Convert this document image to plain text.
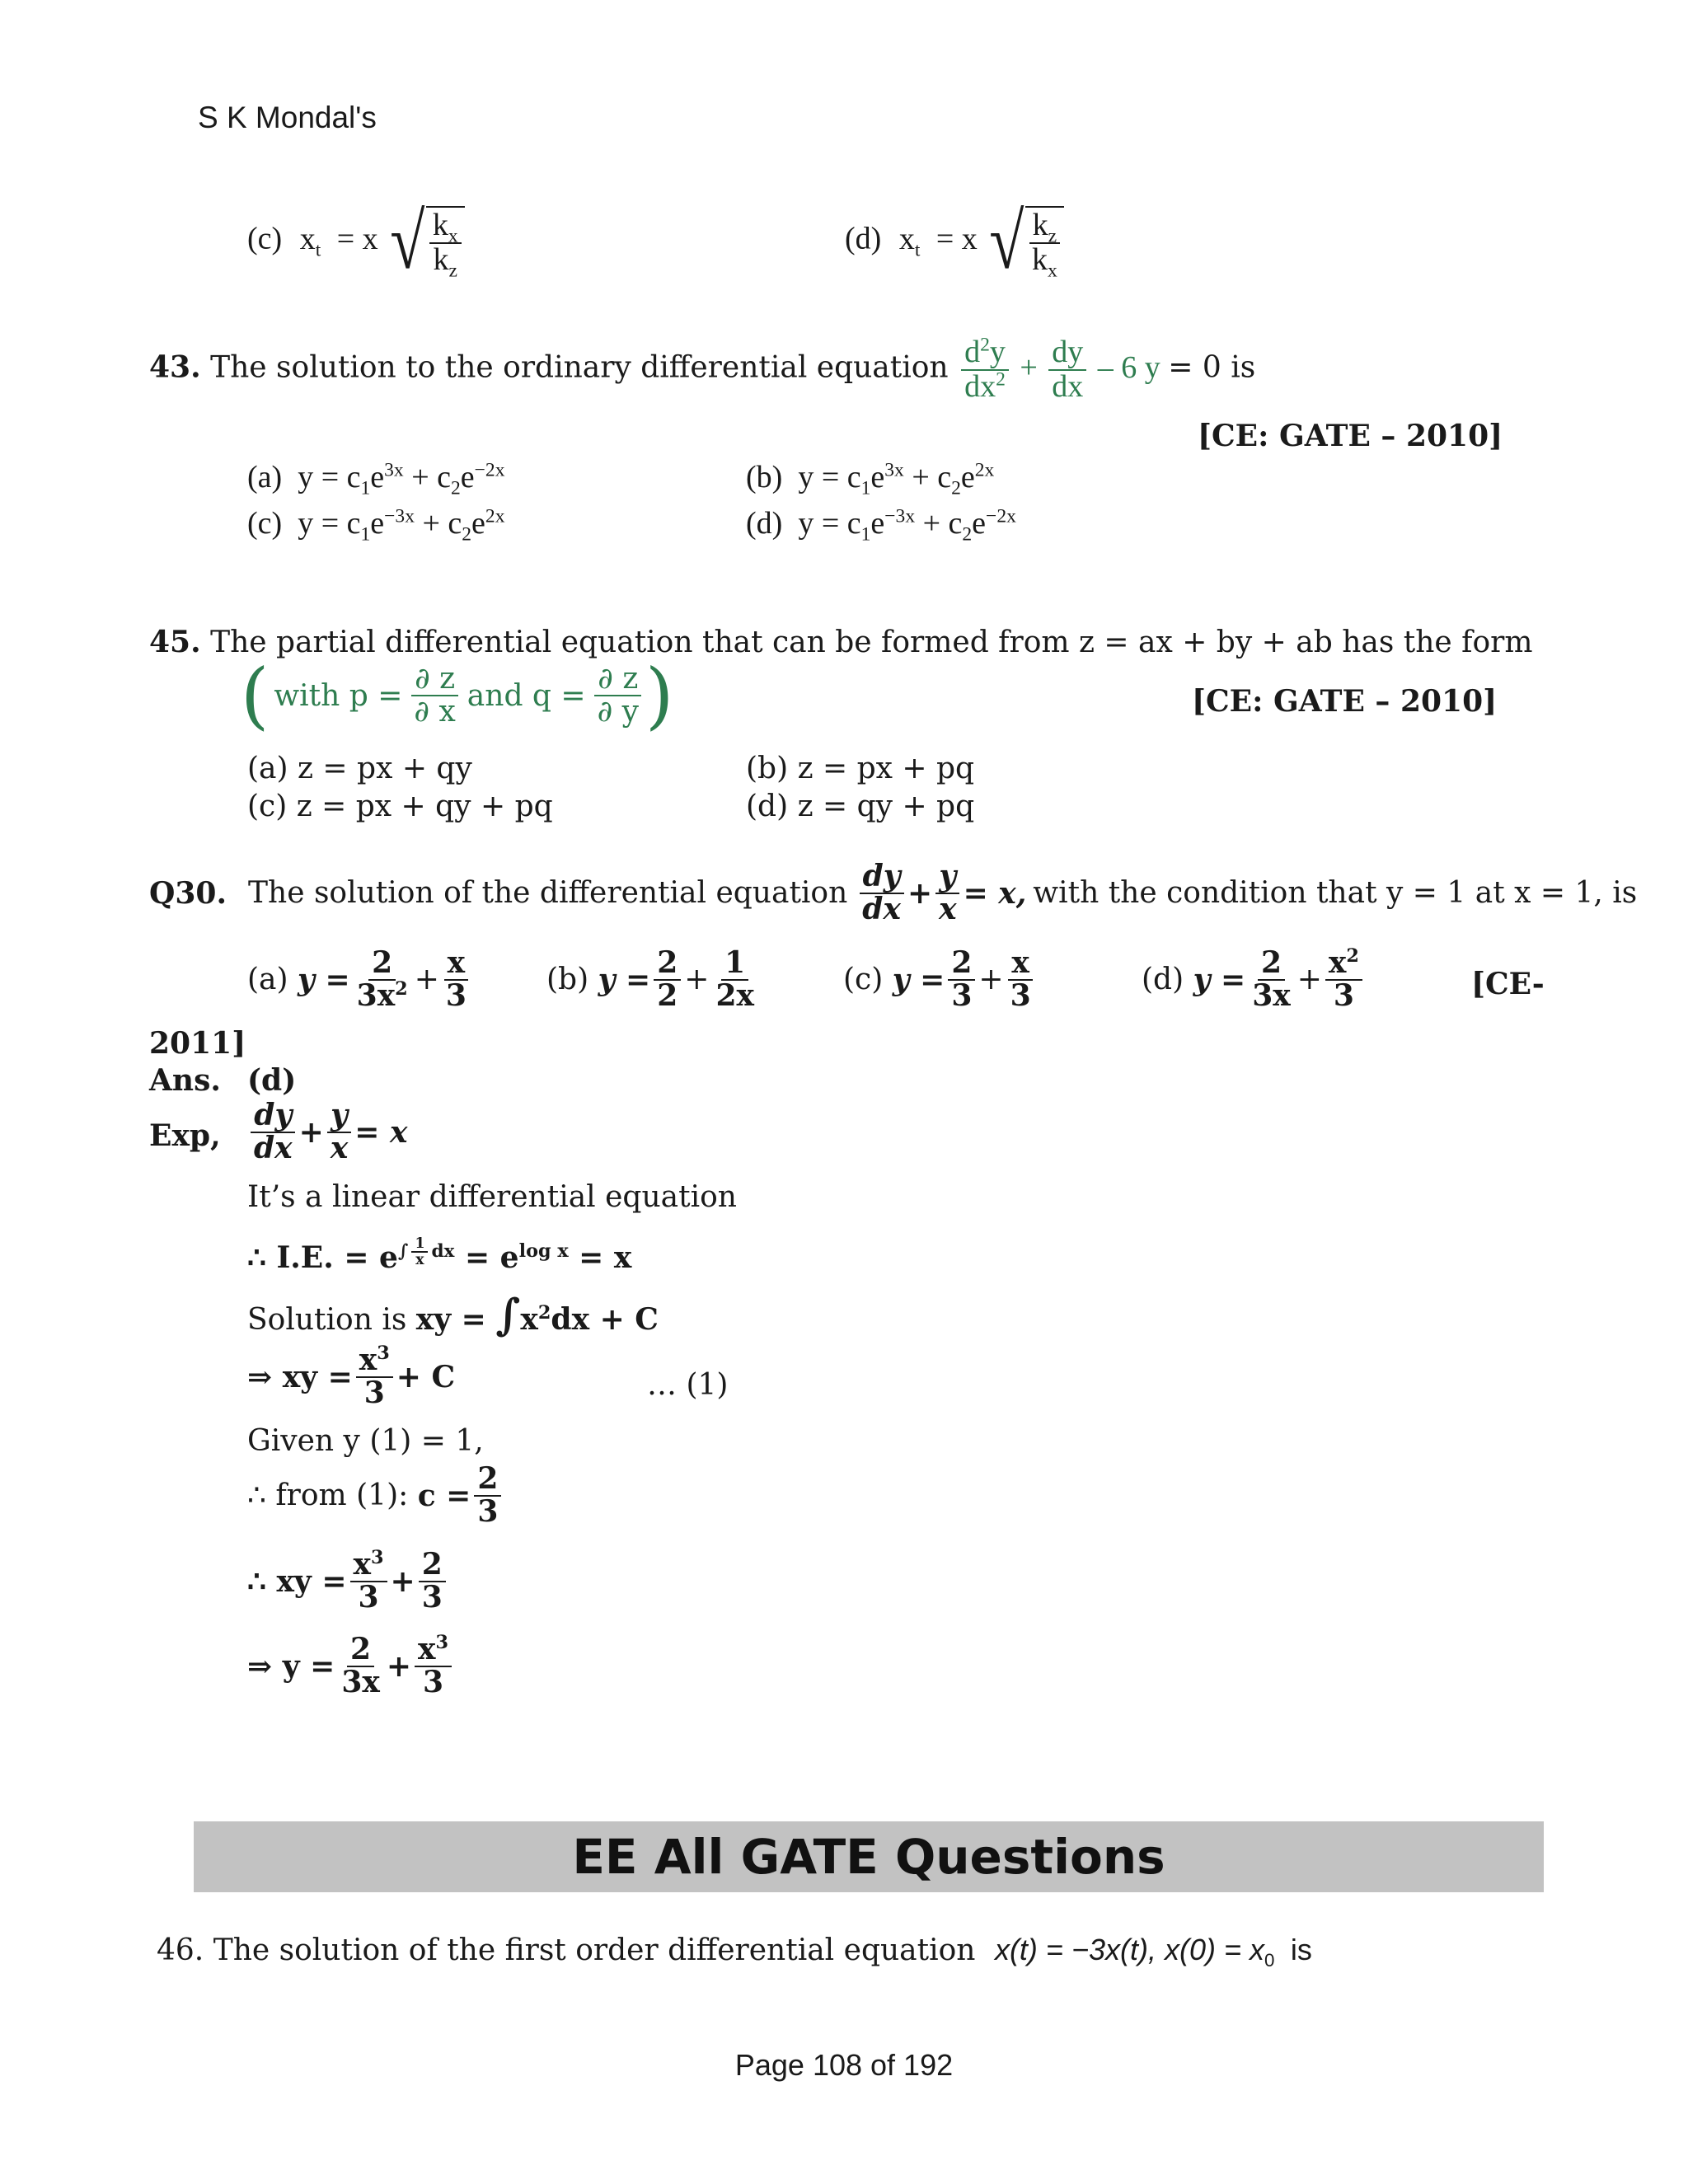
S K Mondal's
(c) $x_t = x$ √ $\frac{k_x}{k_z}$	(d) $x_t = x$ √ $\frac{k_z}{k_x}$
43. The solution to the ordinary differential equation $\frac{d^2y}{dx^2} + \frac{dy}{dx} - 6$ y = 0 is
[CE: GATE – 2010]
(a) $y = c_1e^{3x} + c_2e^{-2x}$	(b) $y = c_1e^{3x} + c_2e^{2x}$
(c) $y = c_1e^{-3x} + c_2e^{2x}$	(d) $y = c_1e^{-3x} + c_2e^{-2x}$
45. The partial differential equation that can be formed from z = ax + by + ab has the form
( with $p = \frac{\partial z}{\partial x}$ and $q = \frac{\partial z}{\partial y}$ )	[CE: GATE – 2010]
(a) z = px + qy	(b) z = px + pq
(c) z = px + qy + pq	(d) z = qy + pq
Q30. The solution of the differential equation $\frac{dy}{dx} + \frac{y}{x} = x$, with the condition that y = 1 at x = 1, is
(a)
$y = \frac{2}{3x^2} + \frac{x}{3}$	(b)
$y = \frac{2}{2} + \frac{1}{2x}$	(c)
$y = \frac{2}{3} + \frac{x}{3}$	(d)
$y = \frac{2}{3x} + \frac{x^2}{3}$	[CE-
2011]
Ans. (d)
Exp, $\frac{dy}{dx} + \frac{y}{x} = x$
It’s a linear differential equation
∴ I.E. = $e^{\int \frac{1}{x} dx} = e^{log x} = x$
Solution is xy = $\int x^2dx + C$
⇒ xy = $\frac{x^3}{3} + C$	… (1)
Given y (1) = 1,
∴ from (1):
$c = \frac{2}{3}$
∴ xy = $\frac{x^3}{3} + \frac{2}{3}$
⇒ $y = \frac{2}{3x} + \frac{x^3}{3}$
EE All GATE Questions
46. The solution of the first order differential equation x(t) = −3x(t), $x(0) = x_0$ is
Page 108 of 192
